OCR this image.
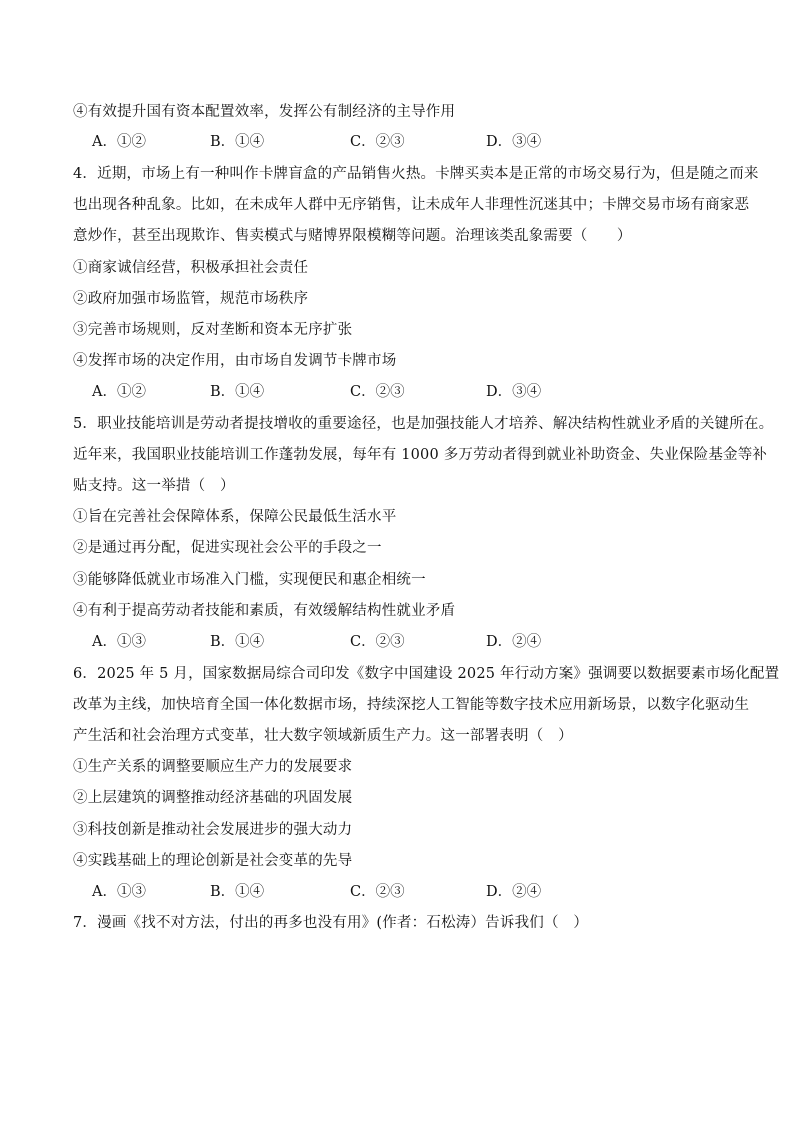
④有效提升国有资本配置效率，发挥公有制经济的主导作用
A．①②	B．①④	C．②③	D．③④
4．近期，市场上有一种叫作卡牌盲盒的产品销售火热。卡牌买卖本是正常的市场交易行为，但是随之而来
也出现各种乱象。比如，在未成年人群中无序销售，让未成年人非理性沉迷其中；卡牌交易市场有商家恶
意炒作，甚至出现欺诈、售卖模式与赌博界限模糊等问题。治理该类乱象需要（　　）
①商家诚信经营，积极承担社会责任
②政府加强市场监管，规范市场秩序
③完善市场规则，反对垄断和资本无序扩张
④发挥市场的决定作用，由市场自发调节卡牌市场
A．①②	B．①④	C．②③	D．③④
5．职业技能培训是劳动者提技增收的重要途径，也是加强技能人才培养、解决结构性就业矛盾的关键所在。
近年来，我国职业技能培训工作蓬勃发展，每年有 1000 多万劳动者得到就业补助资金、失业保险基金等补
贴支持。这一举措（　）
①旨在完善社会保障体系，保障公民最低生活水平
②是通过再分配，促进实现社会公平的手段之一
③能够降低就业市场准入门槛，实现便民和惠企相统一
④有利于提高劳动者技能和素质，有效缓解结构性就业矛盾
A．①③	B．①④	C．②③	D．②④
6．2025 年 5 月，国家数据局综合司印发《数字中国建设 2025 年行动方案》强调要以数据要素市场化配置
改革为主线，加快培育全国一体化数据市场，持续深挖人工智能等数字技术应用新场景，以数字化驱动生
产生活和社会治理方式变革，壮大数字领域新质生产力。这一部署表明（　）
①生产关系的调整要顺应生产力的发展要求
②上层建筑的调整推动经济基础的巩固发展
③科技创新是推动社会发展进步的强大动力
④实践基础上的理论创新是社会变革的先导
A．①③	B．①④	C．②③	D．②④
7．漫画《找不对方法，付出的再多也没有用》(作者：石松涛）告诉我们（　）
